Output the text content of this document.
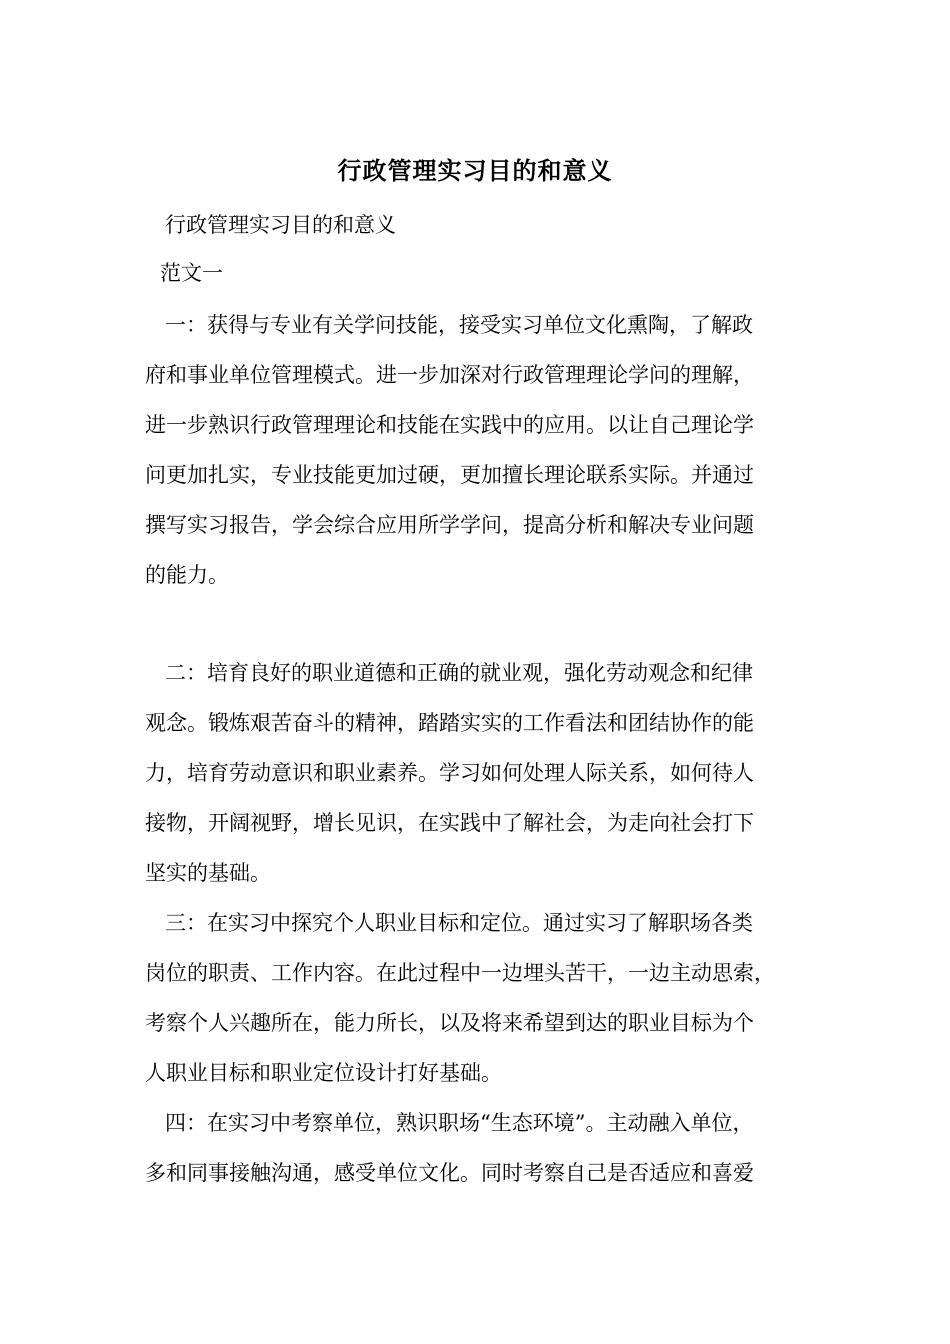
行政管理实习目的和意义
行政管理实习目的和意义
范文一
一：获得与专业有关学问技能，接受实习单位文化熏陶，了解政
府和事业单位管理模式。进一步加深对行政管理理论学问的理解，
进一步熟识行政管理理论和技能在实践中的应用。以让自己理论学
问更加扎实，专业技能更加过硬，更加擅长理论联系实际。并通过
撰写实习报告，学会综合应用所学学问，提高分析和解决专业问题
的能力。
二：培育良好的职业道德和正确的就业观，强化劳动观念和纪律
观念。锻炼艰苦奋斗的精神，踏踏实实的工作看法和团结协作的能
力，培育劳动意识和职业素养。学习如何处理人际关系，如何待人
接物，开阔视野，增长见识，在实践中了解社会，为走向社会打下
坚实的基础。
三：在实习中探究个人职业目标和定位。通过实习了解职场各类
岗位的职责、工作内容。在此过程中一边埋头苦干，一边主动思索，
考察个人兴趣所在，能力所长，以及将来希望到达的职业目标为个
人职业目标和职业定位设计打好基础。
四：在实习中考察单位，熟识职场“生态环境”。主动融入单位，
多和同事接触沟通，感受单位文化。同时考察自己是否适应和喜爱
